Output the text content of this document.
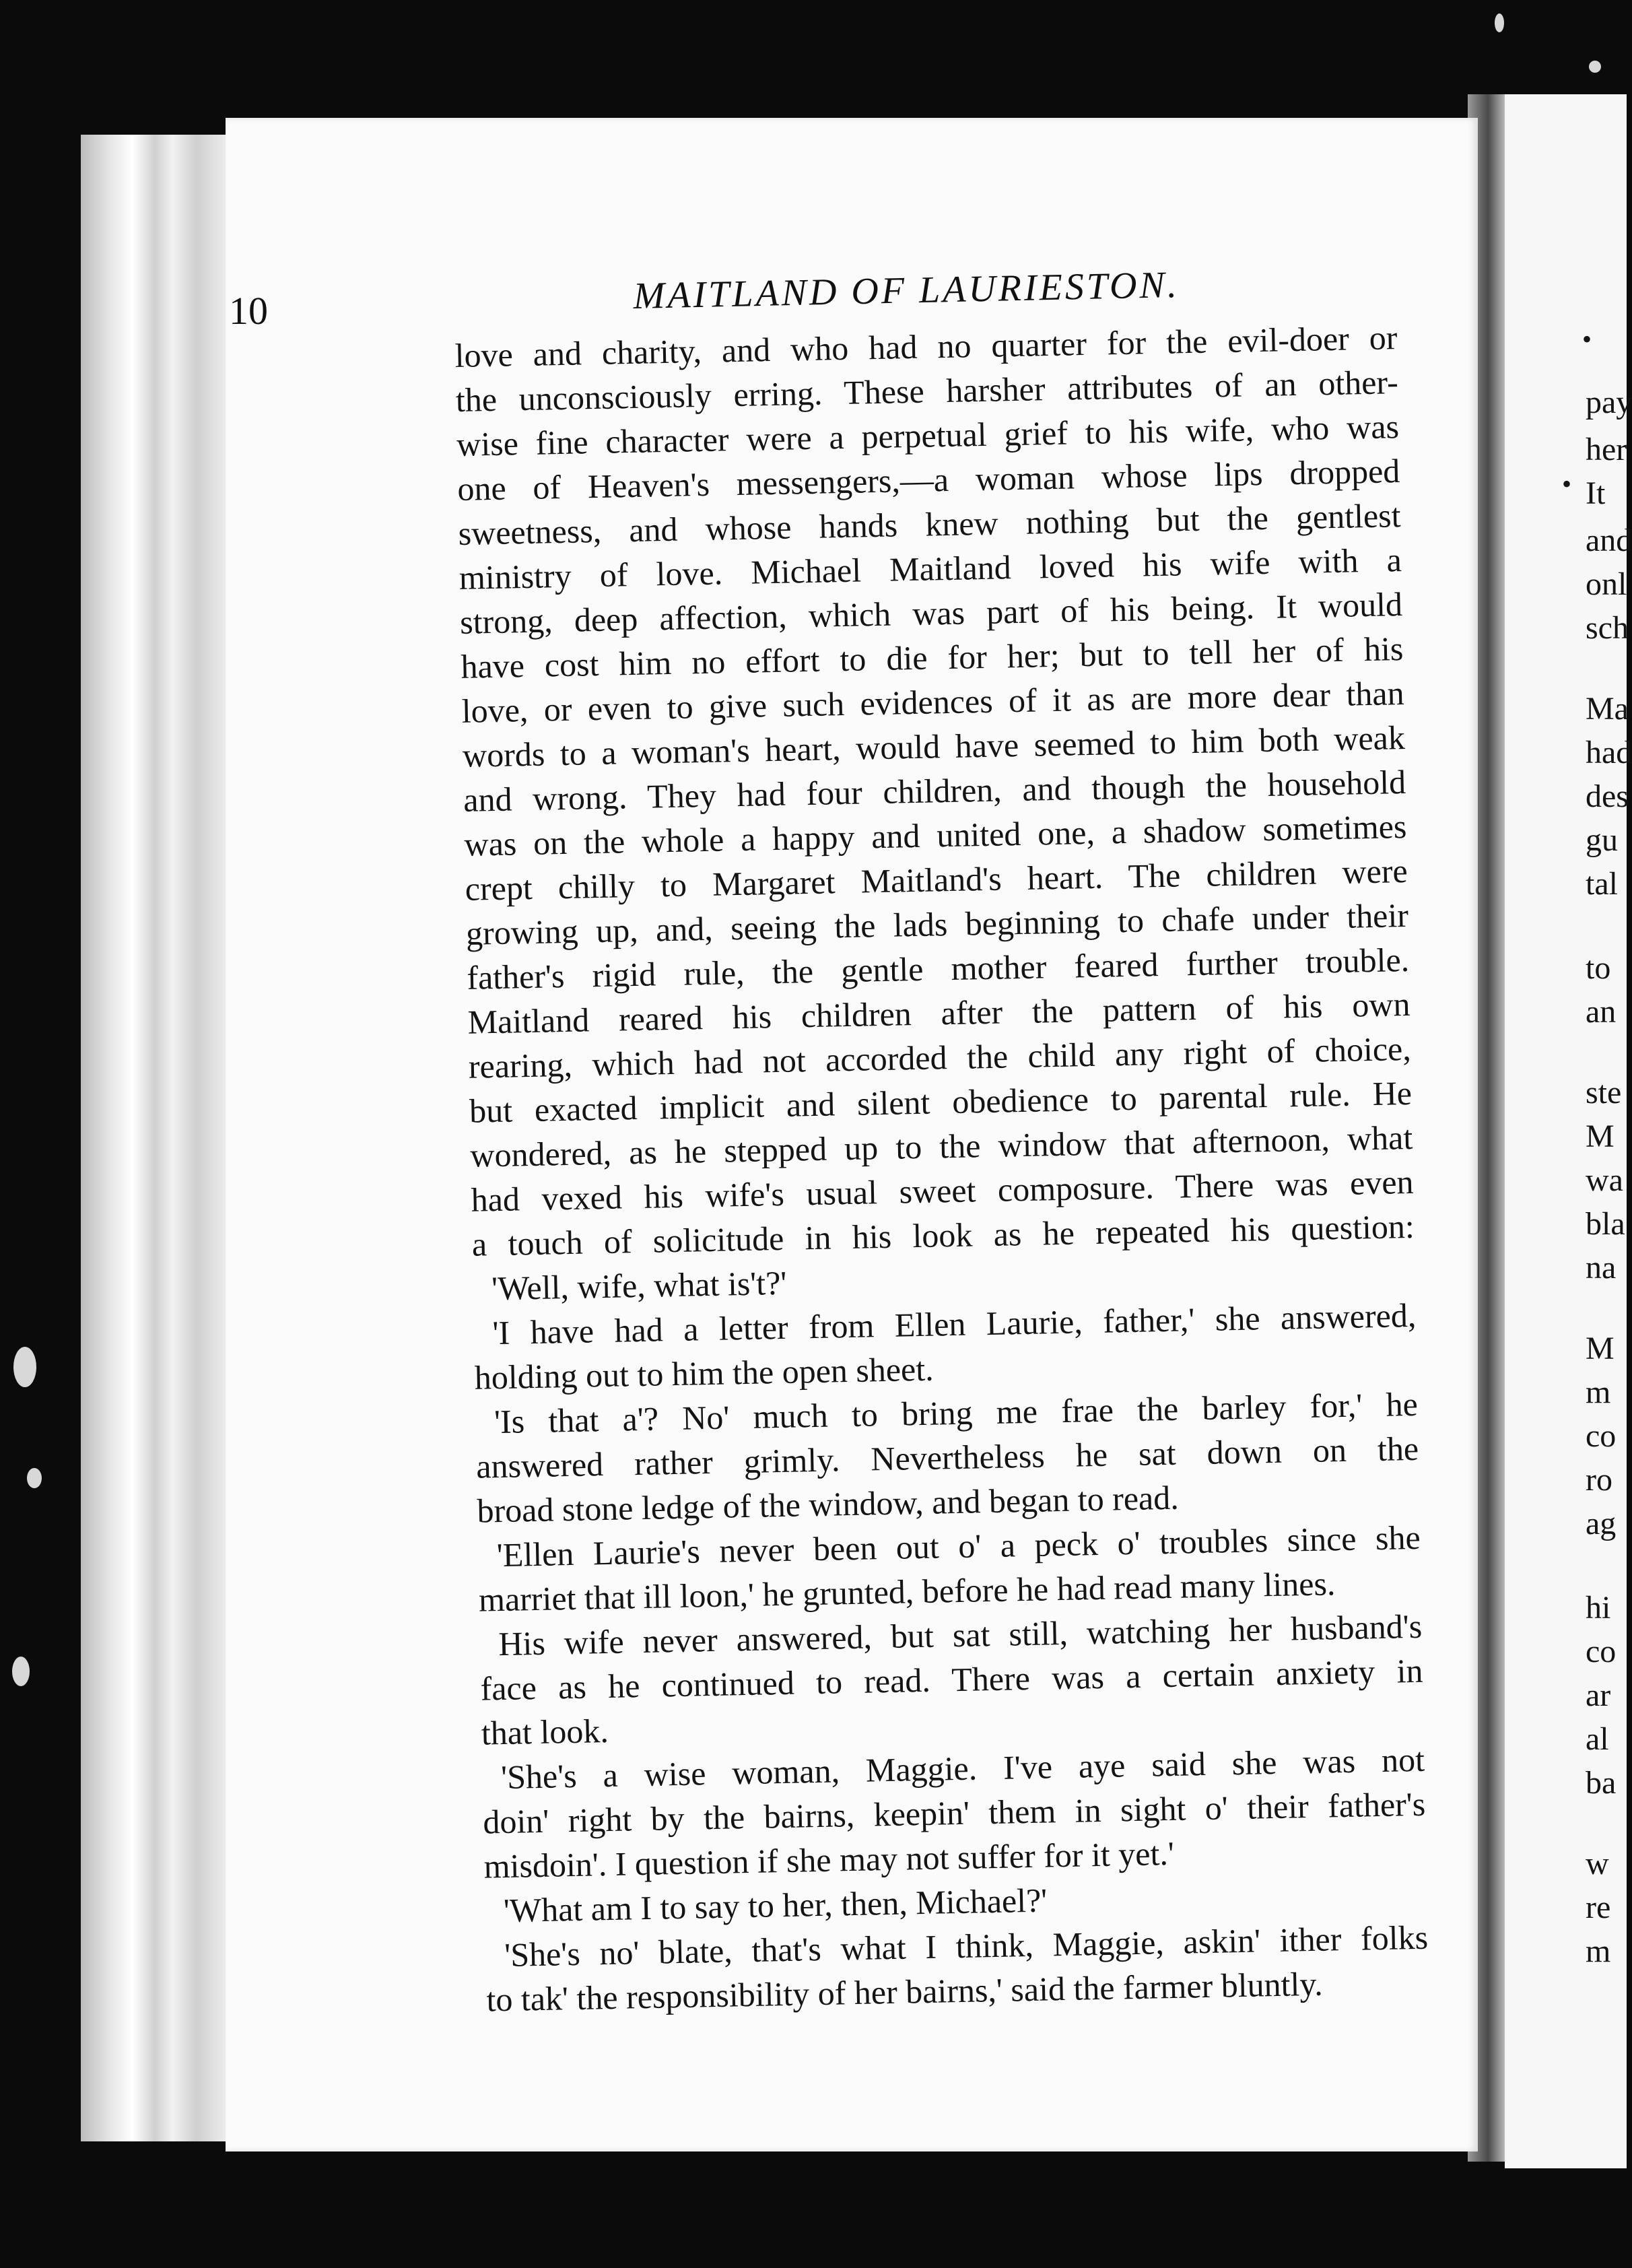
10	MAITLAND OF LAURIESTON.
love and charity, and who had no quarter for the evil-doer or
the unconsciously erring. These harsher attributes of an other-
wise fine character were a perpetual grief to his wife, who was
one of Heaven's messengers,—a woman whose lips dropped
sweetness, and whose hands knew nothing but the gentlest
ministry of love. Michael Maitland loved his wife with a
strong, deep affection, which was part of his being. It would
have cost him no effort to die for her; but to tell her of his
love, or even to give such evidences of it as are more dear than
words to a woman's heart, would have seemed to him both weak
and wrong. They had four children, and though the household
was on the whole a happy and united one, a shadow sometimes
crept chilly to Margaret Maitland's heart. The children were
growing up, and, seeing the lads beginning to chafe under their
father's rigid rule, the gentle mother feared further trouble.
Maitland reared his children after the pattern of his own
rearing, which had not accorded the child any right of choice,
but exacted implicit and silent obedience to parental rule. He
wondered, as he stepped up to the window that afternoon, what
had vexed his wife's usual sweet composure. There was even
a touch of solicitude in his look as he repeated his question:
'Well, wife, what is't?'
'I have had a letter from Ellen Laurie, father,' she answered,
holding out to him the open sheet.
'Is that a'? No' much to bring me frae the barley for,' he
answered rather grimly. Nevertheless he sat down on the
broad stone ledge of the window, and began to read.
'Ellen Laurie's never been out o' a peck o' troubles since she
marriet that ill loon,' he grunted, before he had read many lines.
His wife never answered, but sat still, watching her husband's
face as he continued to read. There was a certain anxiety in
that look.
'She's a wise woman, Maggie. I've aye said she was not
doin' right by the bairns, keepin' them in sight o' their father's
misdoin'. I question if she may not suffer for it yet.'
'What am I to say to her, then, Michael?'
'She's no' blate, that's what I think, Maggie, askin' ither folks
to tak' the responsibility of her bairns,' said the farmer bluntly.
•
•
pay
her
It
and
onl
sch
Ma
had
des
gu
tal
to
an
ste
M
wa
bla
na
M
m
co
ro
ag
hi
co
ar
al
ba
w
re
m
